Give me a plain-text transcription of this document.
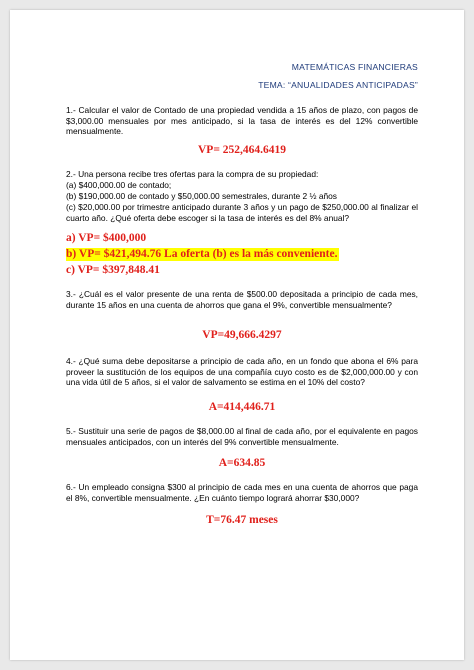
MATEMÁTICAS FINANCIERAS
TEMA: “ANUALIDADES ANTICIPADAS”
1.- Calcular el valor de Contado de una propiedad vendida a 15 años de plazo, con pagos de $3,000.00 mensuales por mes anticipado, si la tasa de interés es del 12% convertible mensualmente.
VP= 252,464.6419
2.- Una persona recibe tres ofertas para la compra de su propiedad:
(a) $400,000.00 de contado;
(b) $190,000.00 de contado y $50,000.00 semestrales, durante 2 ½ años
(c) $20,000.00 por trimestre anticipado durante 3 años y un pago de $250,000.00 al finalizar el cuarto año. ¿Qué oferta debe escoger si la tasa de interés es del 8% anual?
a) VP= $400,000
b) VP= $421,494.76 La oferta (b) es la más conveniente.
c) VP= $397,848.41
3.- ¿Cuál es el valor presente de una renta de $500.00 depositada a principio de cada mes, durante 15 años en una cuenta de ahorros que gana el 9%, convertible mensualmente?
VP=49,666.4297
4.- ¿Qué suma debe depositarse a principio de cada año, en un fondo que abona el 6% para proveer la sustitución de los equipos de una compañía cuyo costo es de $2,000,000.00 y con una vida útil de 5 años, si el valor de salvamento se estima en el 10% del costo?
A=414,446.71
5.- Sustituir una serie de pagos de $8,000.00 al final de cada año, por el equivalente en pagos mensuales anticipados, con un interés del 9% convertible mensualmente.
A=634.85
6.- Un empleado consigna $300 al principio de cada mes en una cuenta de ahorros que paga el 8%, convertible mensualmente. ¿En cuánto tiempo logrará ahorrar $30,000?
T=76.47 meses
